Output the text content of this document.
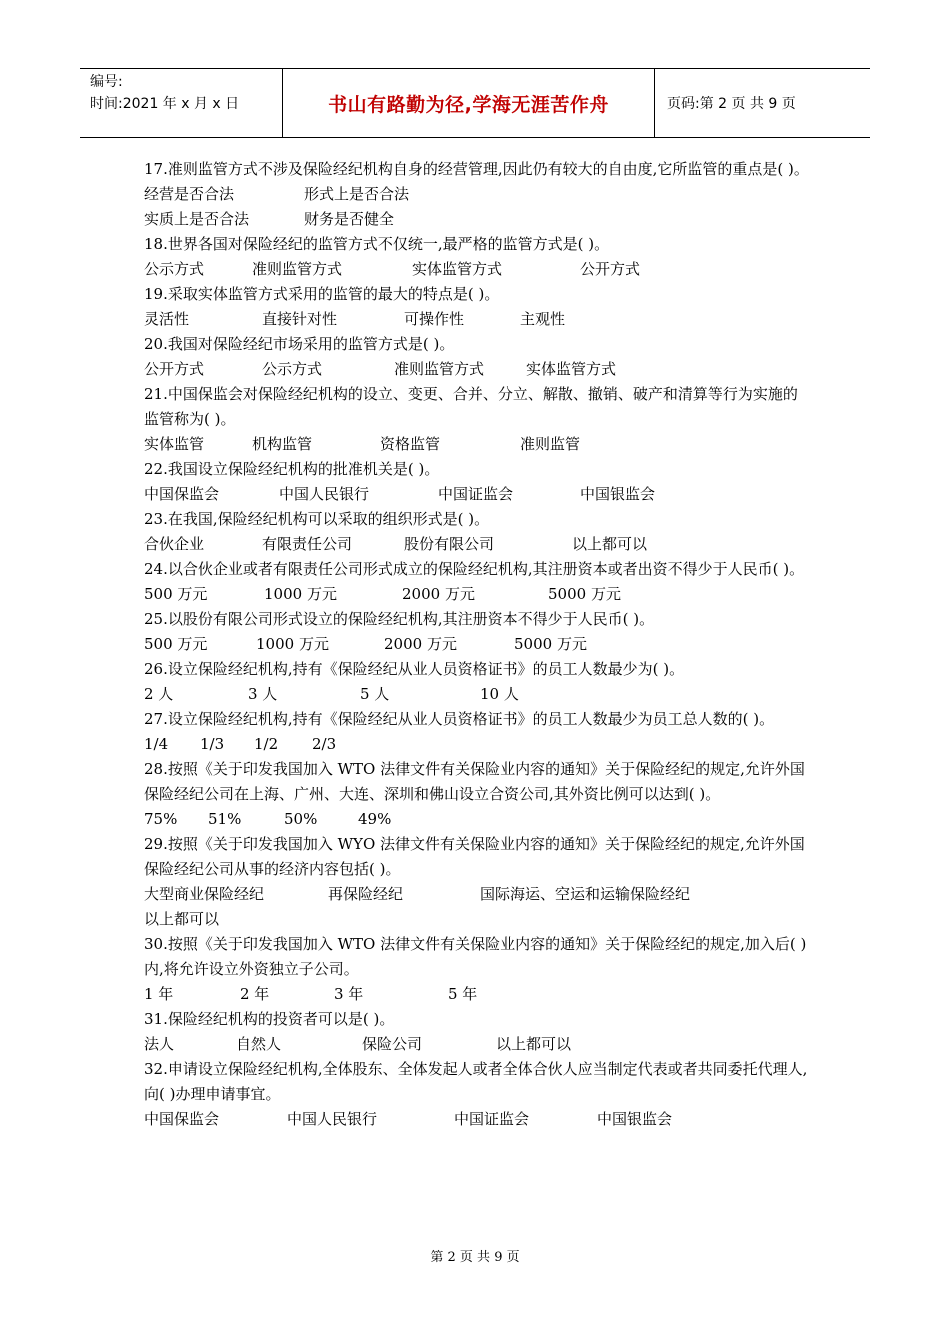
编号:
时间:2021 年 x 月 x 日	书山有路勤为径,学海无涯苦作舟	页码:第 2 页 共 9 页

17.准则监管方式不涉及保险经纪机构自身的经营管理,因此仍有较大的自由度,它所监管的重点是( )。

经营是否合法	形式上是否合法
实质上是否合法	财务是否健全

18.世界各国对保险经纪的监管方式不仅统一,最严格的监管方式是( )。

公示方式	准则监管方式	实体监管方式	公开方式

19.采取实体监管方式采用的监管的最大的特点是( )。

灵活性	直接针对性	可操作性	主观性

20.我国对保险经纪市场采用的监管方式是( )。

公开方式	公示方式	准则监管方式	实体监管方式

21.中国保监会对保险经纪机构的设立、变更、合并、分立、解散、撤销、破产和清算等行为实施的监管称为( )。

实体监管	机构监管	资格监管	准则监管

22.我国设立保险经纪机构的批准机关是( )。

中国保监会	中国人民银行	中国证监会	中国银监会

23.在我国,保险经纪机构可以采取的组织形式是( )。

合伙企业	有限责任公司	股份有限公司	以上都可以

24.以合伙企业或者有限责任公司形式成立的保险经纪机构,其注册资本或者出资不得少于人民币( )。

500 万元	1000 万元	2000 万元	5000 万元

25.以股份有限公司形式设立的保险经纪机构,其注册资本不得少于人民币( )。

500 万元	1000 万元	2000 万元	5000 万元

26.设立保险经纪机构,持有《保险经纪从业人员资格证书》的员工人数最少为( )。

2 人	3 人	5 人	10 人

27.设立保险经纪机构,持有《保险经纪从业人员资格证书》的员工人数最少为员工总人数的( )。

1/4 1/3 1/2 2/3

28.按照《关于印发我国加入 WTO 法律文件有关保险业内容的通知》关于保险经纪的规定,允许外国保险经纪公司在上海、广州、大连、深圳和佛山设立合资公司,其外资比例可以达到( )。

75% 51%	50%	49%

29.按照《关于印发我国加入 WYO 法律文件有关保险业内容的通知》关于保险经纪的规定,允许外国保险经纪公司从事的经济内容包括( )。

大型商业保险经纪	再保险经纪	国际海运、空运和运输保险经纪
以上都可以

30.按照《关于印发我国加入 WTO 法律文件有关保险业内容的通知》关于保险经纪的规定,加入后( )内,将允许设立外资独立子公司。

1 年	2 年	3 年	5 年

31.保险经纪机构的投资者可以是( )。

法人	自然人	保险公司	以上都可以

32.申请设立保险经纪机构,全体股东、全体发起人或者全体合伙人应当制定代表或者共同委托代理人,向( )办理申请事宜。

中国保监会	中国人民银行	中国证监会	中国银监会
第 2 页 共 9 页
